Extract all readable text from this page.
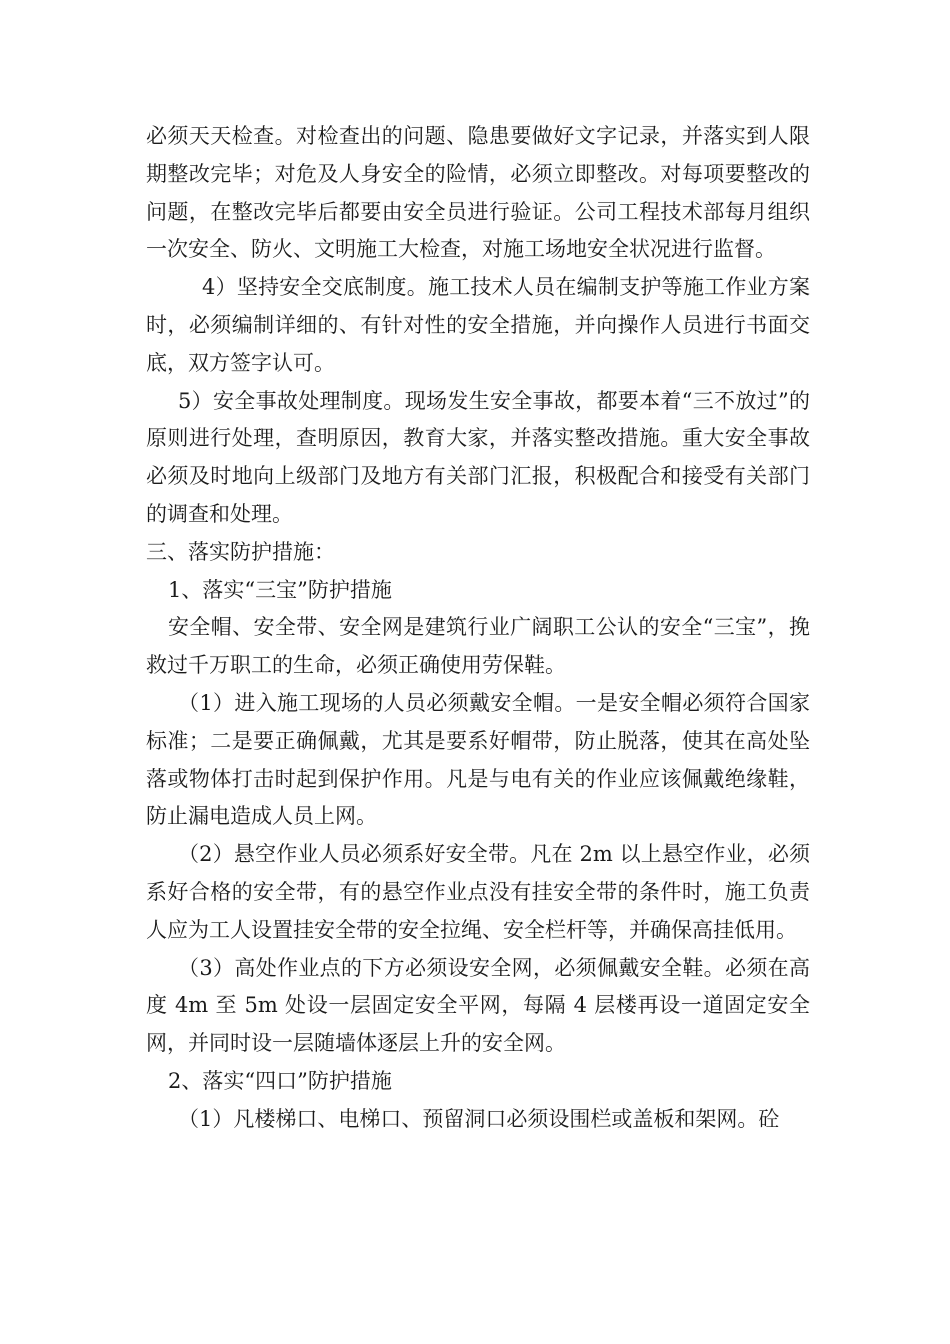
必须天天检查。对检查出的问题、隐患要做好文字记录，并落实到人限期整改完毕；对危及人身安全的险情，必须立即整改。对每项要整改的问题，在整改完毕后都要由安全员进行验证。公司工程技术部每月组织一次安全、防火、文明施工大检查，对施工场地安全状况进行监督。

4）坚持安全交底制度。施工技术人员在编制支护等施工作业方案时，必须编制详细的、有针对性的安全措施，并向操作人员进行书面交底，双方签字认可。

5）安全事故处理制度。现场发生安全事故，都要本着“三不放过”的原则进行处理，查明原因，教育大家，并落实整改措施。重大安全事故必须及时地向上级部门及地方有关部门汇报，积极配合和接受有关部门的调查和处理。

三、落实防护措施：

1、落实“三宝”防护措施

安全帽、安全带、安全网是建筑行业广阔职工公认的安全“三宝”，挽救过千万职工的生命，必须正确使用劳保鞋。

（1）进入施工现场的人员必须戴安全帽。一是安全帽必须符合国家标准；二是要正确佩戴，尤其是要系好帽带，防止脱落，使其在高处坠落或物体打击时起到保护作用。凡是与电有关的作业应该佩戴绝缘鞋，防止漏电造成人员上网。

（2）悬空作业人员必须系好安全带。凡在 2m 以上悬空作业，必须系好合格的安全带，有的悬空作业点没有挂安全带的条件时，施工负责人应为工人设置挂安全带的安全拉绳、安全栏杆等，并确保高挂低用。

（3）高处作业点的下方必须设安全网，必须佩戴安全鞋。必须在高度 4m 至 5m 处设一层固定安全平网，每隔 4 层楼再设一道固定安全网，并同时设一层随墙体逐层上升的安全网。

2、落实“四口”防护措施

（1）凡楼梯口、电梯口、预留洞口必须设围栏或盖板和架网。砼
